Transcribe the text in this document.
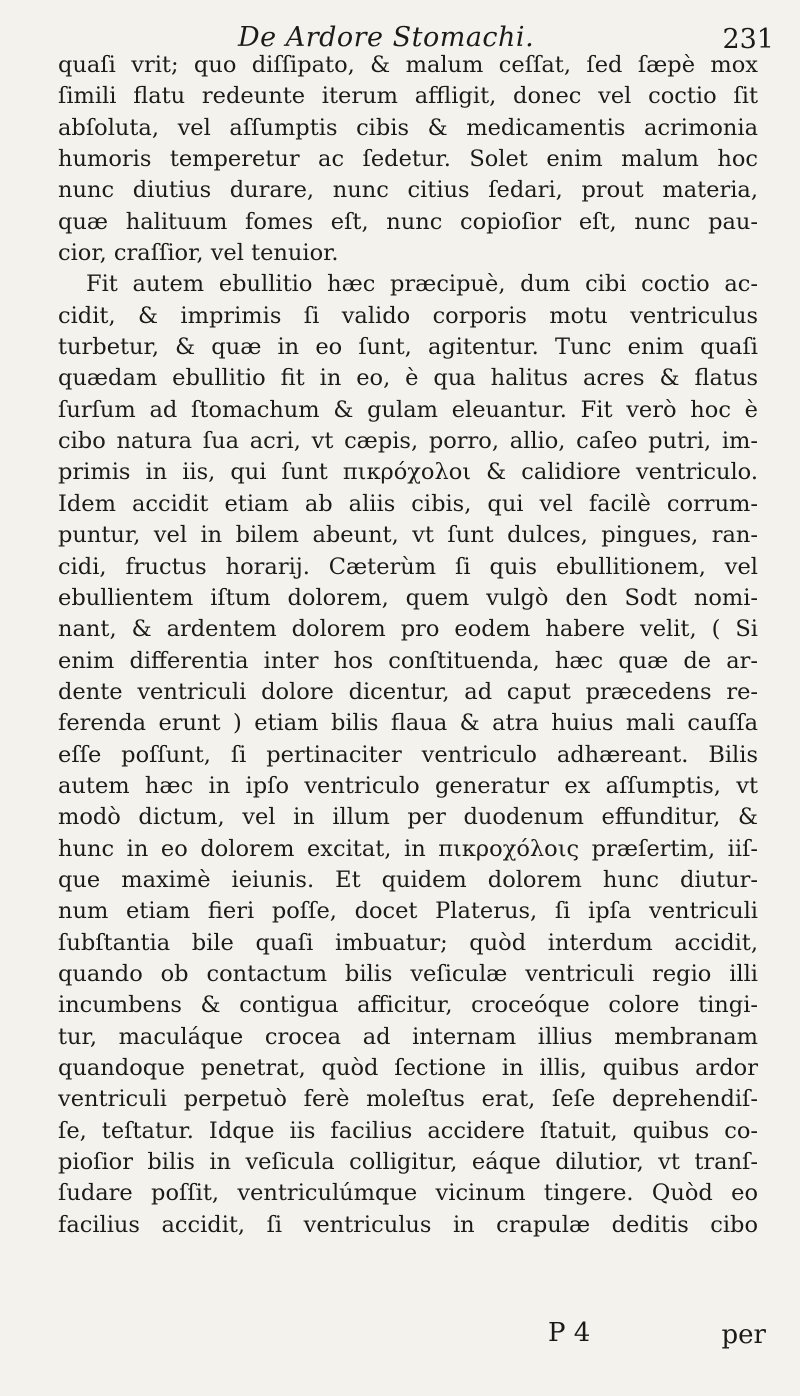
De Ardore Stomachi.	231
quaſi vrit; quo diſſipato, & malum ceſſat, ſed ſæpè mox
ſimili flatu redeunte iterum affligit, donec vel coctio ſit
abſoluta, vel aſſumptis cibis & medicamentis acrimonia
humoris temperetur ac ſedetur. Solet enim malum hoc
nunc diutius durare, nunc citius ſedari, prout materia,
quæ halituum fomes eſt, nunc copioſior eſt, nunc pau-
cior, craſſior, vel tenuior.
Fit autem ebullitio hæc præcipuè, dum cibi coctio ac-
cidit, & imprimis ſi valido corporis motu ventriculus
turbetur, & quæ in eo ſunt, agitentur. Tunc enim quaſi
quædam ebullitio fit in eo, è qua halitus acres & flatus
ſurſum ad ſtomachum & gulam eleuantur. Fit verò hoc è
cibo natura ſua acri, vt cæpis, porro, allio, caſeo putri, im-
primis in iis, qui ſunt πικρόχολοι & calidiore ventriculo.
Idem accidit etiam ab aliis cibis, qui vel facilè corrum-
puntur, vel in bilem abeunt, vt ſunt dulces, pingues, ran-
cidi, fructus horarij. Cæterùm ſi quis ebullitionem, vel
ebullientem iſtum dolorem, quem vulgò den Sodt nomi-
nant, & ardentem dolorem pro eodem habere velit, ( Si
enim differentia inter hos conſtituenda, hæc quæ de ar-
dente ventriculi dolore dicentur, ad caput præcedens re-
ferenda erunt ) etiam bilis flaua & atra huius mali cauſſa
eſſe poſſunt, ſi pertinaciter ventriculo adhæreant. Bilis
autem hæc in ipſo ventriculo generatur ex aſſumptis, vt
modò dictum, vel in illum per duodenum effunditur, &
hunc in eo dolorem excitat, in πικροχόλοις præſertim, iiſ-
que maximè ieiunis. Et quidem dolorem hunc diutur-
num etiam fieri poſſe, docet Platerus, ſi ipſa ventriculi
ſubſtantia bile quaſi imbuatur; quòd interdum accidit,
quando ob contactum bilis veſiculæ ventriculi regio illi
incumbens & contigua afficitur, croceóque colore tingi-
tur, maculáque crocea ad internam illius membranam
quandoque penetrat, quòd ſectione in illis, quibus ardor
ventriculi perpetuò ferè moleſtus erat, ſeſe deprehendiſ-
ſe, teſtatur. Idque iis facilius accidere ſtatuit, quibus co-
pioſior bilis in veſicula colligitur, eáque dilutior, vt tranſ-
ſudare poſſit, ventriculúmque vicinum tingere. Quòd eo
facilius accidit, ſi ventriculus in crapulæ deditis cibo
P 4	per
